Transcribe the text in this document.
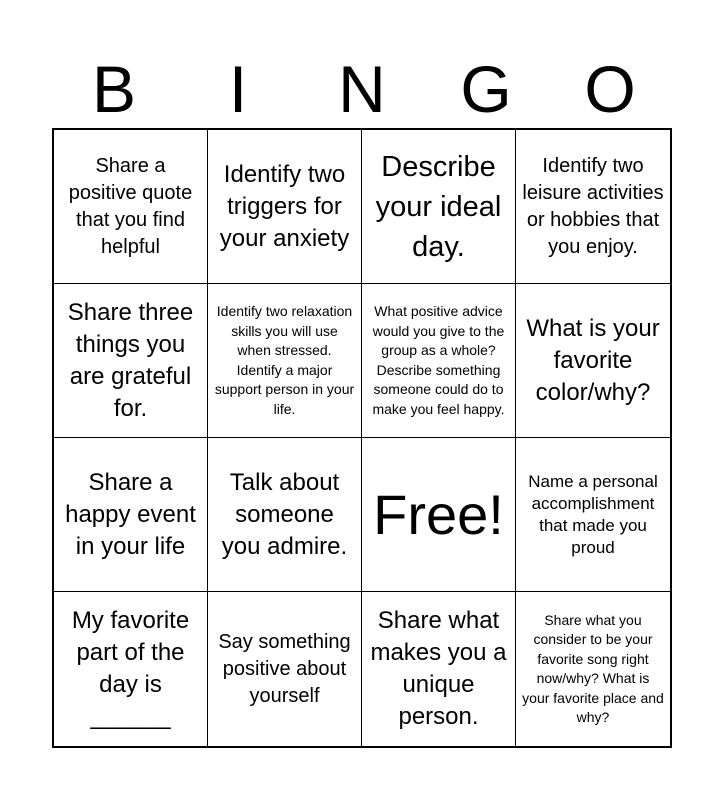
B	I	N	G	O
Share a positive quote that you find helpful
Identify two triggers for your anxiety
Describe your ideal day.
Identify two leisure activities or hobbies that you enjoy.
Share three things you are grateful for.
Identify two relaxation skills you will use when stressed. Identify a major support person in your life.
What positive advice would you give to the group as a whole? Describe something someone could do to make you feel happy.
What is your favorite color/why?
Share a happy event in your life
Talk about someone you admire.
Free!
Name a personal accomplishment that made you proud
My favorite part of the day is ______
Say something positive about yourself
Share what makes you a unique person.
Share what you consider to be your favorite song right now/why? What is your favorite place and why?
